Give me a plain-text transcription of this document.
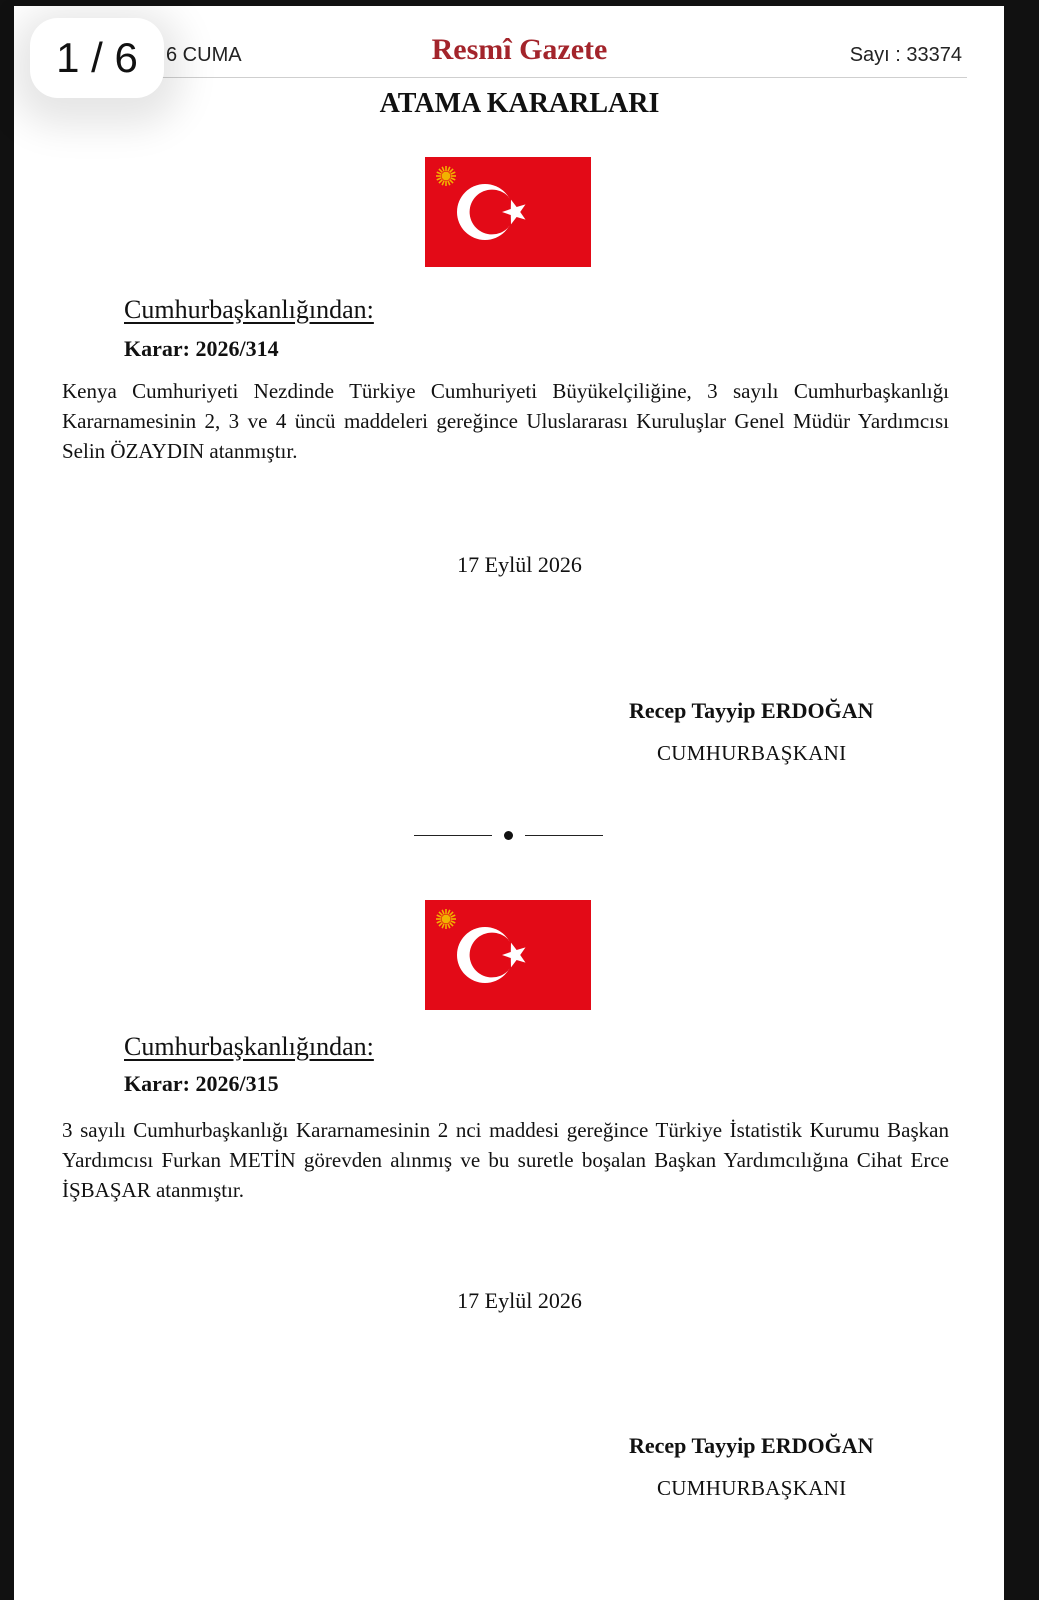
1 / 6	6 CUMA	Resmî Gazete	Sayı : 33374
ATAMA KARARLARI
Cumhurbaşkanlığından:
Karar: 2026/314
Kenya Cumhuriyeti Nezdinde Türkiye Cumhuriyeti Büyükelçiliğine, 3 sayılı Cumhurbaşkanlığı Kararnamesinin 2, 3 ve 4 üncü maddeleri gereğince Uluslararası Kuruluşlar Genel Müdür Yardımcısı Selin ÖZAYDIN atanmıştır.
17 Eylül 2026
Recep Tayyip ERDOĞAN
CUMHURBAŞKANI
Cumhurbaşkanlığından:
Karar: 2026/315
3 sayılı Cumhurbaşkanlığı Kararnamesinin 2 nci maddesi gereğince Türkiye İstatistik Kurumu Başkan Yardımcısı Furkan METİN görevden alınmış ve bu suretle boşalan Başkan Yardımcılığına Cihat Erce İŞBAŞAR atanmıştır.
17 Eylül 2026
Recep Tayyip ERDOĞAN
CUMHURBAŞKANI
